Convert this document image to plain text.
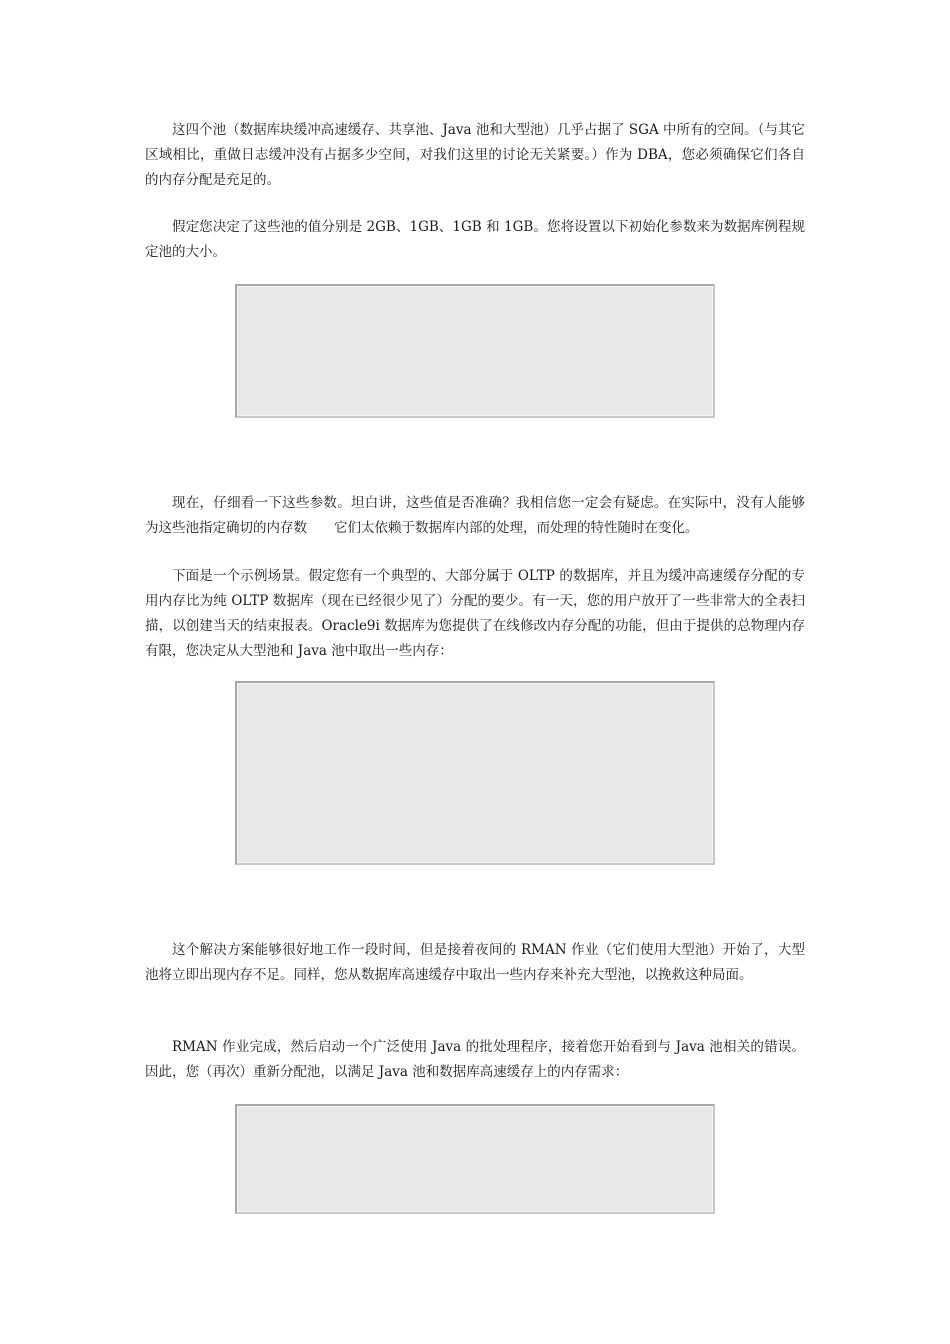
这四个池（数据库块缓冲高速缓存、共享池、Java 池和大型池）几乎占据了 SGA 中所有的空间。（与其它区域相比，重做日志缓冲没有占据多少空间，对我们这里的讨论无关紧要。）作为 DBA，您必须确保它们各自的内存分配是充足的。

假定您决定了这些池的值分别是 2GB、1GB、1GB 和 1GB。您将设置以下初始化参数来为数据库例程规定池的大小。

现在，仔细看一下这些参数。坦白讲，这些值是否准确？我相信您一定会有疑虑。在实际中，没有人能够为这些池指定确切的内存数　　它们太依赖于数据库内部的处理，而处理的特性随时在变化。

下面是一个示例场景。假定您有一个典型的、大部分属于 OLTP 的数据库，并且为缓冲高速缓存分配的专用内存比为纯 OLTP 数据库（现在已经很少见了）分配的要少。有一天，您的用户放开了一些非常大的全表扫描，以创建当天的结束报表。Oracle9i 数据库为您提供了在线修改内存分配的功能，但由于提供的总物理内存有限，您决定从大型池和 Java 池中取出一些内存：

这个解决方案能够很好地工作一段时间，但是接着夜间的 RMAN 作业（它们使用大型池）开始了，大型池将立即出现内存不足。同样，您从数据库高速缓存中取出一些内存来补充大型池，以挽救这种局面。

RMAN 作业完成，然后启动一个广泛使用 Java 的批处理程序，接着您开始看到与 Java 池相关的错误。因此，您（再次）重新分配池，以满足 Java 池和数据库高速缓存上的内存需求：
